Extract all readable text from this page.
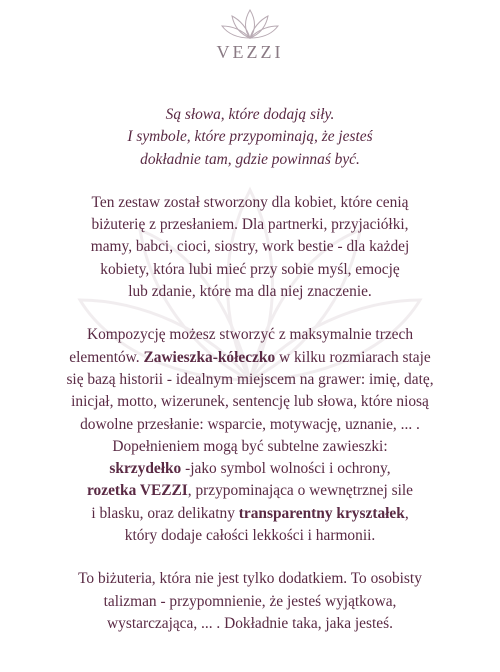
VEZZI

Są słowa, które dodają siły.
I symbole, które przypominają, że jesteś
dokładnie tam, gdzie powinnaś być.

Ten zestaw został stworzony dla kobiet, które cenią
biżuterię z przesłaniem. Dla partnerki, przyjaciółki,
mamy, babci, cioci, siostry, work bestie - dla każdej
kobiety, która lubi mieć przy sobie myśl, emocję
lub zdanie, które ma dla niej znaczenie.

Kompozycję możesz stworzyć z maksymalnie trzech
elementów. Zawieszka-kółeczko w kilku rozmiarach staje
się bazą historii - idealnym miejscem na grawer: imię, datę,
inicjał, motto, wizerunek, sentencję lub słowa, które niosą
dowolne przesłanie: wsparcie, motywację, uznanie, ... .
Dopełnieniem mogą być subtelne zawieszki:
skrzydełko -jako symbol wolności i ochrony,
rozetka VEZZI, przypominająca o wewnętrznej sile
i blasku, oraz delikatny transparentny kryształek,
który dodaje całości lekkości i harmonii.

To biżuteria, która nie jest tylko dodatkiem. To osobisty
talizman - przypomnienie, że jesteś wyjątkowa,
wystarczająca, ... . Dokładnie taka, jaka jesteś.
